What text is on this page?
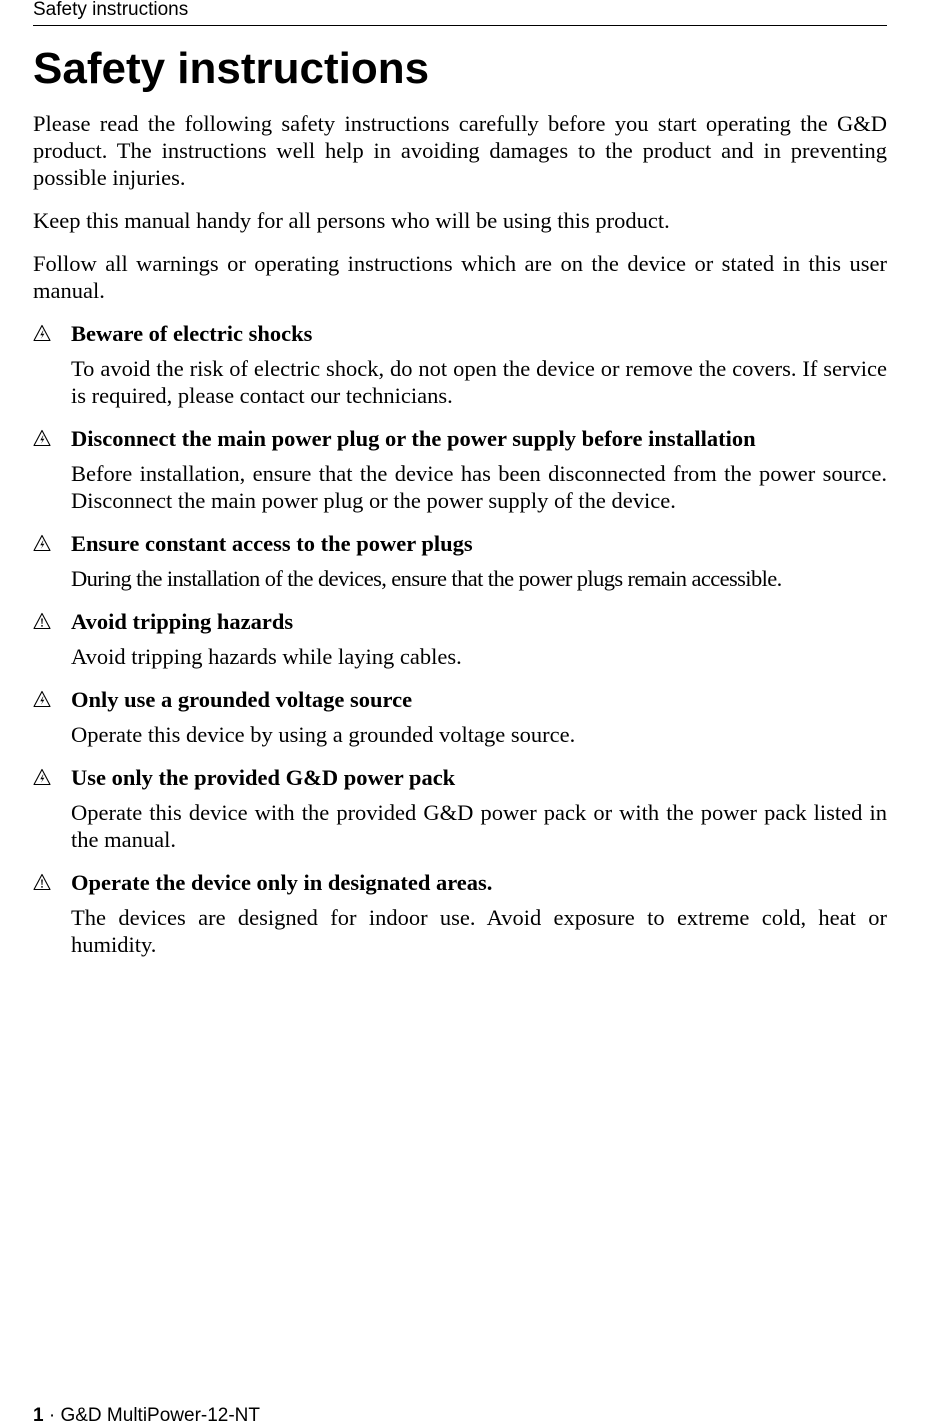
Safety instructions
Safety instructions

Please read the following safety instructions carefully before you start operating the G&D product. The instructions well help in avoiding damages to the product and in preventing possible injuries.

Keep this manual handy for all persons who will be using this product.

Follow all warnings or operating instructions which are on the device or stated in this user manual.

Beware of electric shocks

To avoid the risk of electric shock, do not open the device or remove the covers. If service is required, please contact our technicians.

Disconnect the main power plug or the power supply before installation

Before installation, ensure that the device has been disconnected from the power source. Disconnect the main power plug or the power supply of the device.

Ensure constant access to the power plugs

During the installation of the devices, ensure that the power plugs remain accessible.

Avoid tripping hazards

Avoid tripping hazards while laying cables.

Only use a grounded voltage source

Operate this device by using a grounded voltage source.

Use only the provided G&D power pack

Operate this device with the provided G&D power pack or with the power pack listed in the manual.

Operate the device only in designated areas.

The devices are designed for indoor use. Avoid exposure to extreme cold, heat or humidity.

1 · G&D MultiPower-12-NT
